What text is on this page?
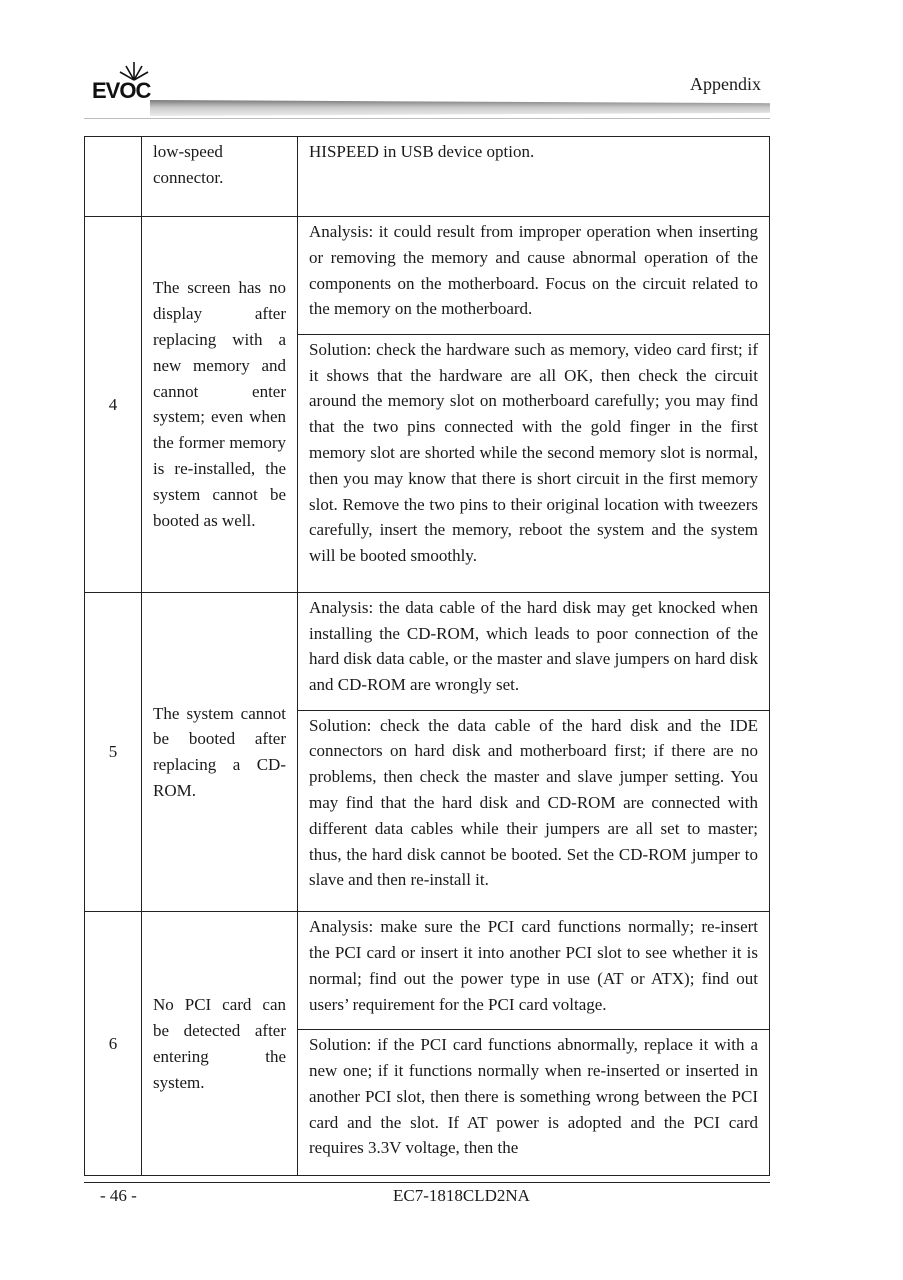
EVOC	Appendix
	low-speed connector.	HISPEED in USB device option.
4	The screen has no display after replacing with a new memory and cannot enter system; even when the former memory is re-installed, the system cannot be booted as well.	Analysis: it could result from improper operation when inserting or removing the memory and cause abnormal operation of the components on the motherboard. Focus on the circuit related to the memory on the motherboard.
		Solution: check the hardware such as memory, video card first; if it shows that the hardware are all OK, then check the circuit around the memory slot on motherboard carefully; you may find that the two pins connected with the gold finger in the first memory slot are shorted while the second memory slot is normal, then you may know that there is short circuit in the first memory slot. Remove the two pins to their original location with tweezers carefully, insert the memory, reboot the system and the system will be booted smoothly.
5	The system cannot be booted after replacing a CD-ROM.	Analysis: the data cable of the hard disk may get knocked when installing the CD-ROM, which leads to poor connection of the hard disk data cable, or the master and slave jumpers on hard disk and CD-ROM are wrongly set.
		Solution: check the data cable of the hard disk and the IDE connectors on hard disk and motherboard first; if there are no problems, then check the master and slave jumper setting. You may find that the hard disk and CD-ROM are connected with different data cables while their jumpers are all set to master; thus, the hard disk cannot be booted. Set the CD-ROM jumper to slave and then re-install it.
6	No PCI card can be detected after entering the system.	Analysis: make sure the PCI card functions normally; re-insert the PCI card or insert it into another PCI slot to see whether it is normal; find out the power type in use (AT or ATX); find out users’ requirement for the PCI card voltage.
		Solution: if the PCI card functions abnormally, replace it with a new one; if it functions normally when re-inserted or inserted in another PCI slot, then there is something wrong between the PCI card and the slot. If AT power is adopted and the PCI card requires 3.3V voltage, then the
- 46 -	EC7-1818CLD2NA
